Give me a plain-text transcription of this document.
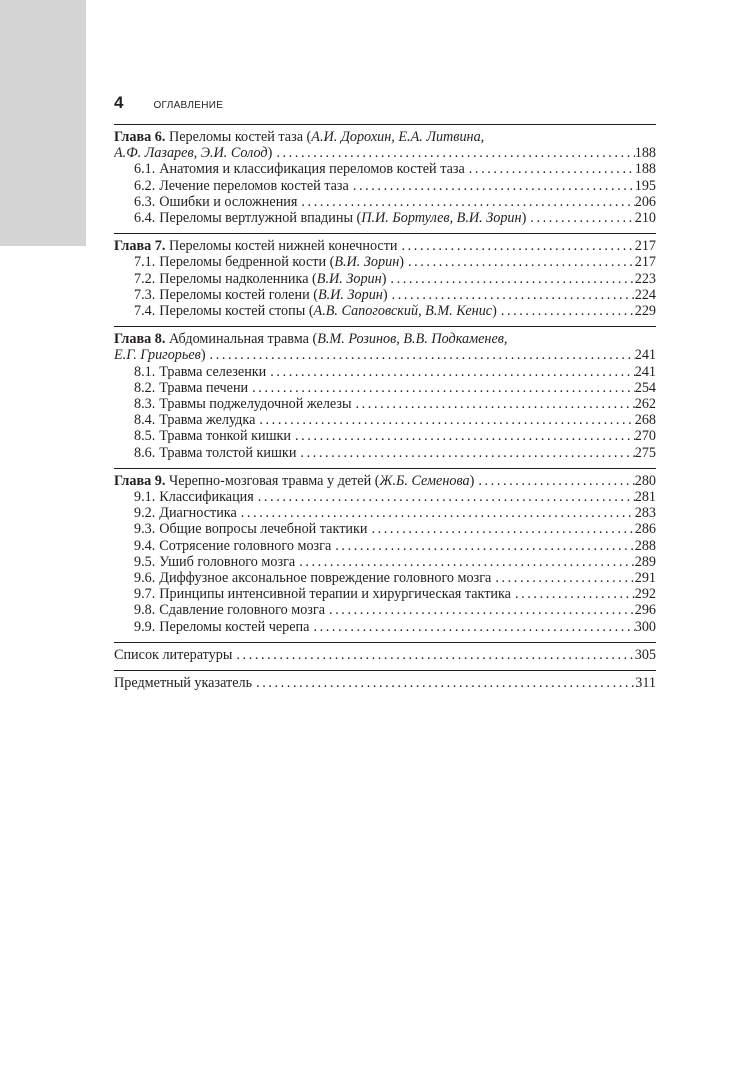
4	ОГЛАВЛЕНИЕ
Глава 6. Переломы костей таза (А.И. Дорохин, Е.А. Литвина,
А.Ф. Лазарев, Э.И. Солод) .....	188
6.1. Анатомия и классификация переломов костей таза .....	188
6.2. Лечение переломов костей таза .....	195
6.3. Ошибки и осложнения .....	206
6.4. Переломы вертлужной впадины (П.И. Бортулев, В.И. Зорин) .....	210
Глава 7. Переломы костей нижней конечности .....	217
7.1. Переломы бедренной кости (В.И. Зорин) .....	217
7.2. Переломы надколенника (В.И. Зорин) .....	223
7.3. Переломы костей голени (В.И. Зорин) .....	224
7.4. Переломы костей стопы (А.В. Сапоговский, В.М. Кенис) .....	229
Глава 8. Абдоминальная травма (В.М. Розинов, В.В. Подкаменев,
Е.Г. Григорьев) .....	241
8.1. Травма селезенки .....	241
8.2. Травма печени .....	254
8.3. Травмы поджелудочной железы .....	262
8.4. Травма желудка .....	268
8.5. Травма тонкой кишки .....	270
8.6. Травма толстой кишки .....	275
Глава 9. Черепно-мозговая травма у детей (Ж.Б. Семенова) .....	280
9.1. Классификация .....	281
9.2. Диагностика .....	283
9.3. Общие вопросы лечебной тактики .....	286
9.4. Сотрясение головного мозга .....	288
9.5. Ушиб головного мозга .....	289
9.6. Диффузное аксональное повреждение головного мозга .....	291
9.7. Принципы интенсивной терапии и хирургическая тактика .....	292
9.8. Сдавление головного мозга .....	296
9.9. Переломы костей черепа .....	300
Список литературы .....	305
Предметный указатель .....	311
